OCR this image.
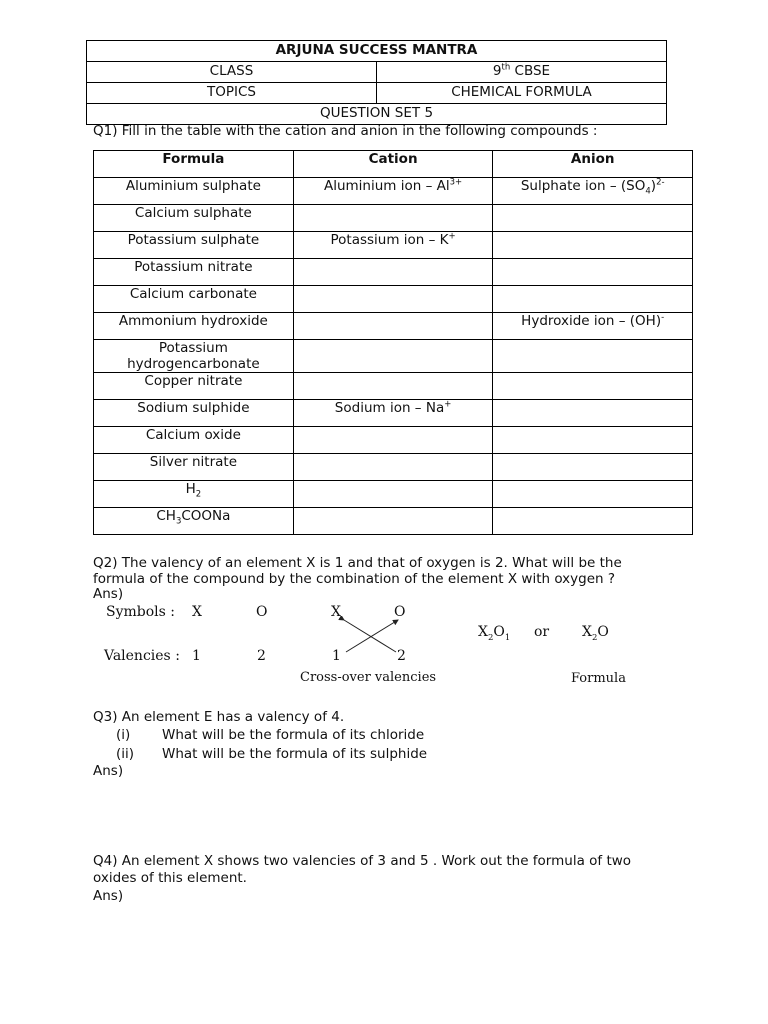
ARJUNA SUCCESS MANTRA	
CLASS	9th CBSE
TOPICS	CHEMICAL FORMULA
QUESTION SET 5	
Q1) Fill in the table with the cation and anion in the following compounds :
Formula	Cation	Anion
Aluminium sulphate	Aluminium ion – $Al^{3+}$	Sulphate ion – $(SO_4)^{2-}$
Calcium sulphate		
Potassium sulphate	Potassium ion – K+	
Potassium nitrate		
Calcium carbonate		
Ammonium hydroxide		Hydroxide ion – (OH)-

Potassium
hydrogencarbonate		

Copper nitrate		
Sodium sulphide	Sodium ion – Na+	
Calcium oxide		
Silver nitrate		
$H_2$		
$CH_3COONa$		
Q2) The valency of an element X is 1 and that of oxygen is 2. What will be the
formula of the compound by the combination of the element X with oxygen ?
Ans)
Symbols : X	O
Valencies : 1	2
X	O
1	2
Cross-over valencies
$X_2O_1$ or $X_2O$
Formula
Q3) An element E has a valency of 4.
(i) What will be the formula of its chloride
(ii) What will be the formula of its sulphide
Ans)
Q4) An element X shows two valencies of 3 and 5 . Work out the formula of two
oxides of this element.
Ans)
